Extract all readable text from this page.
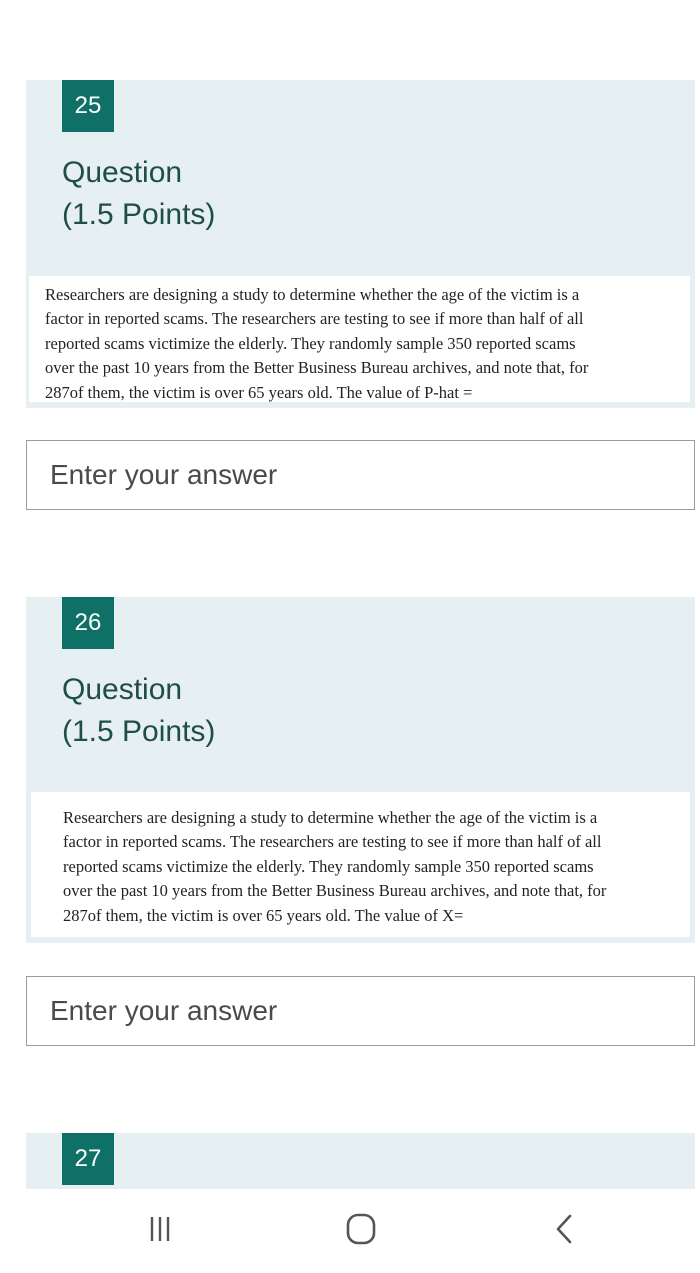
25
Question
(1.5 Points)
Researchers are designing a study to determine whether the age of the victim is a
factor in reported scams. The researchers are testing to see if more than half of all
reported scams victimize the elderly. They randomly sample 350 reported scams
over the past 10 years from the Better Business Bureau archives, and note that, for
287of them, the victim is over 65 years old. The value of P-hat =
Enter your answer
26
Question
(1.5 Points)
Researchers are designing a study to determine whether the age of the victim is a
factor in reported scams. The researchers are testing to see if more than half of all
reported scams victimize the elderly. They randomly sample 350 reported scams
over the past 10 years from the Better Business Bureau archives, and note that, for
287of them, the victim is over 65 years old. The value of X=
Enter your answer
27
